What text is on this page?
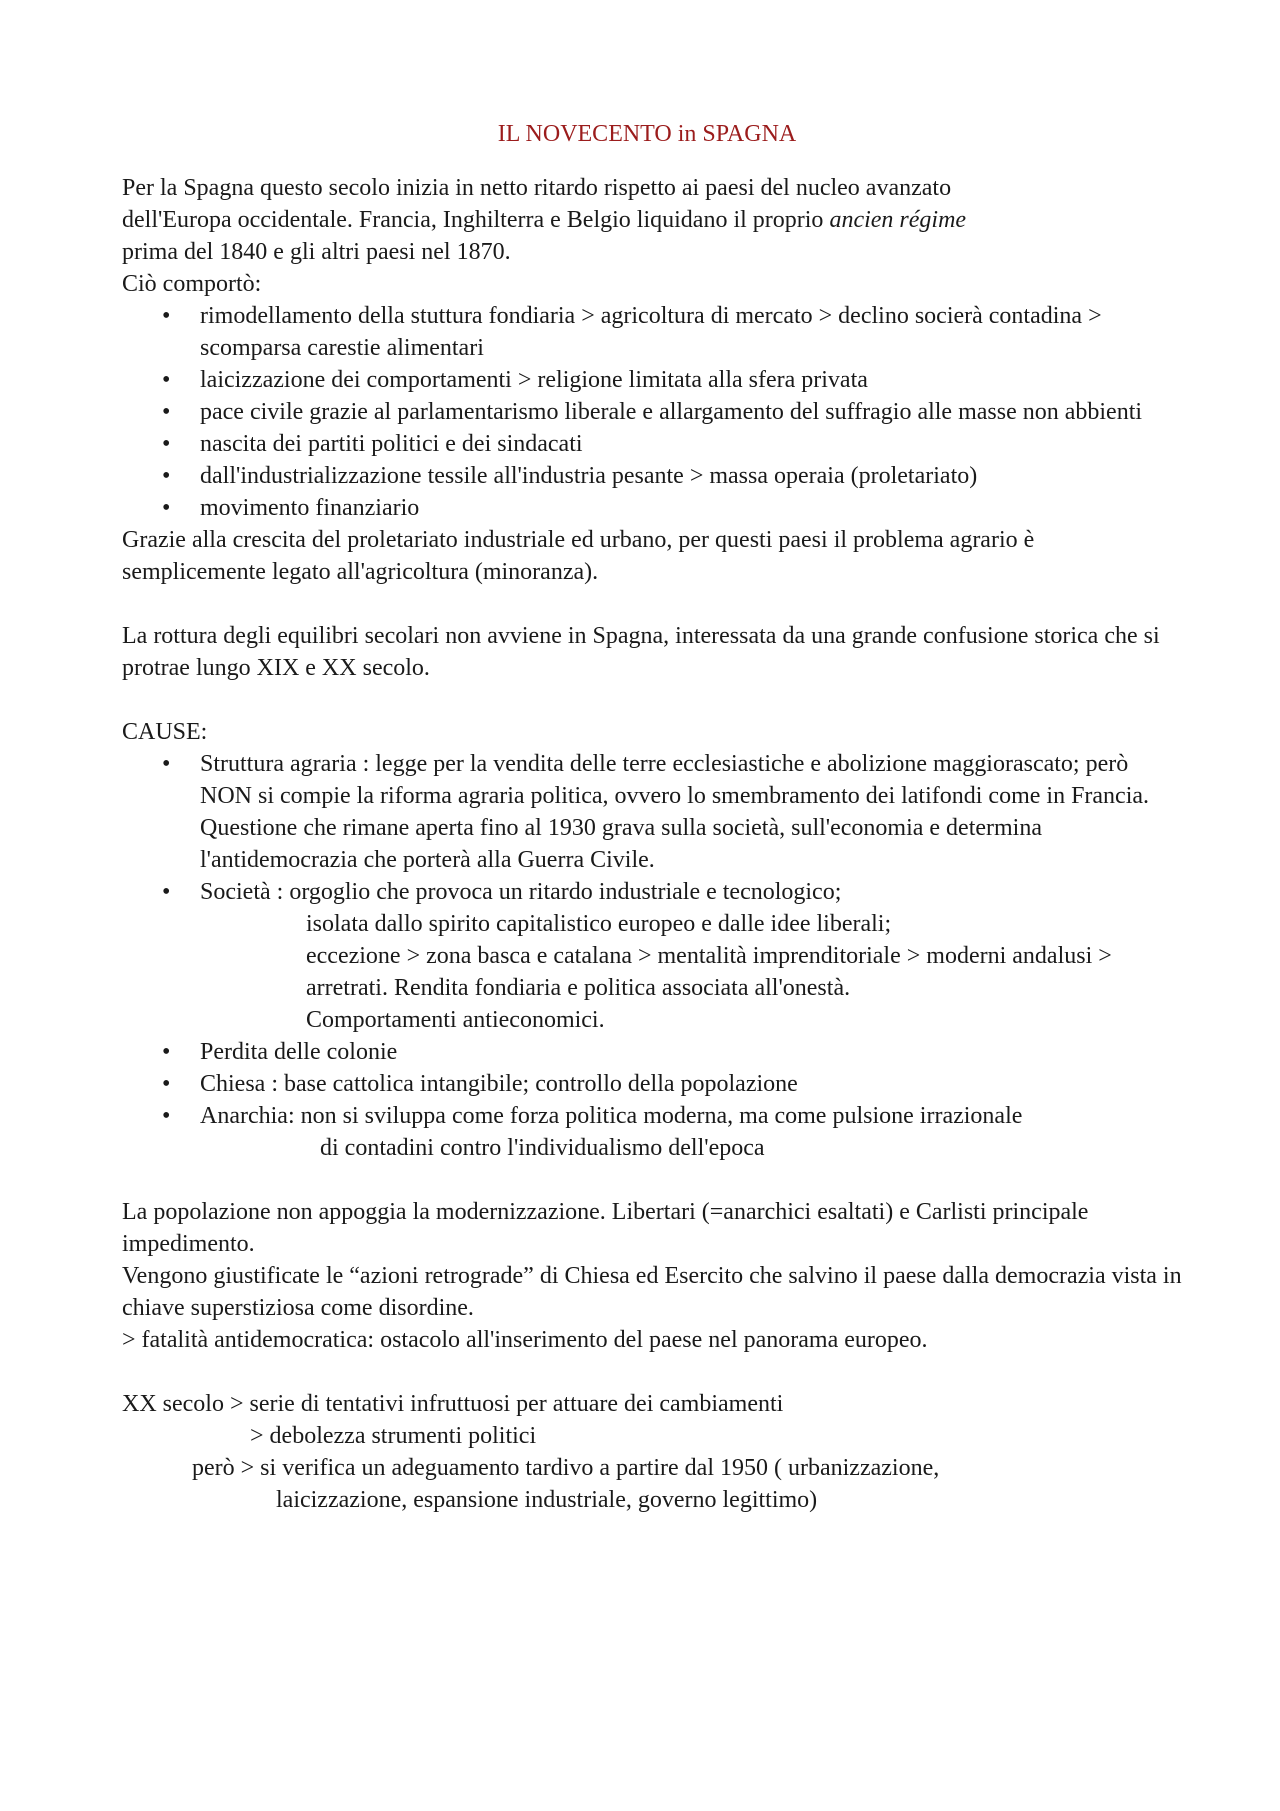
IL NOVECENTO in SPAGNA

Per la Spagna questo secolo inizia in netto ritardo rispetto ai paesi del nucleo avanzato
dell'Europa occidentale. Francia, Inghilterra e Belgio liquidano il proprio ancien régime
prima del 1840 e gli altri paesi nel 1870.
Ciò comportò:

• rimodellamento della stuttura fondiaria > agricoltura di mercato > declino socierà contadina > scomparsa carestie alimentari
• laicizzazione dei comportamenti > religione limitata alla sfera privata
• pace civile grazie al parlamentarismo liberale e allargamento del suffragio alle masse non abbienti
• nascita dei partiti politici e dei sindacati
• dall'industrializzazione tessile all'industria pesante > massa operaia (proletariato)
• movimento finanziario

Grazie alla crescita del proletariato industriale ed urbano, per questi paesi il problema agrario è semplicemente legato all'agricoltura (minoranza).

La rottura degli equilibri secolari non avviene in Spagna, interessata da una grande confusione storica che si protrae lungo XIX e XX secolo.

CAUSE:

• Struttura agraria : legge per la vendita delle terre ecclesiastiche e abolizione maggiorascato; però NON si compie la riforma agraria politica, ovvero lo smembramento dei latifondi come in Francia.
Questione che rimane aperta fino al 1930 grava sulla società, sull'economia e determina l'antidemocrazia che porterà alla Guerra Civile.
• Società : orgoglio che provoca un ritardo industriale e tecnologico;
isolata dallo spirito capitalistico europeo e dalle idee liberali;
eccezione > zona basca e catalana > mentalità imprenditoriale > moderni andalusi > arretrati. Rendita fondiaria e politica associata all'onestà.
Comportamenti antieconomici.
• Perdita delle colonie
• Chiesa : base cattolica intangibile; controllo della popolazione
• Anarchia: non si sviluppa come forza politica moderna, ma come pulsione irrazionale
di contadini contro l'individualismo dell'epoca

La popolazione non appoggia la modernizzazione. Libertari (=anarchici esaltati) e Carlisti principale impedimento.

Vengono giustificate le “azioni retrograde” di Chiesa ed Esercito che salvino il paese dalla democrazia vista in chiave superstiziosa come disordine.

> fatalità antidemocratica: ostacolo all'inserimento del paese nel panorama europeo.

XX secolo > serie di tentativi infruttuosi per attuare dei cambiamenti

> debolezza strumenti politici

però > si verifica un adeguamento tardivo a partire dal 1950 ( urbanizzazione,

laicizzazione, espansione industriale, governo legittimo)
